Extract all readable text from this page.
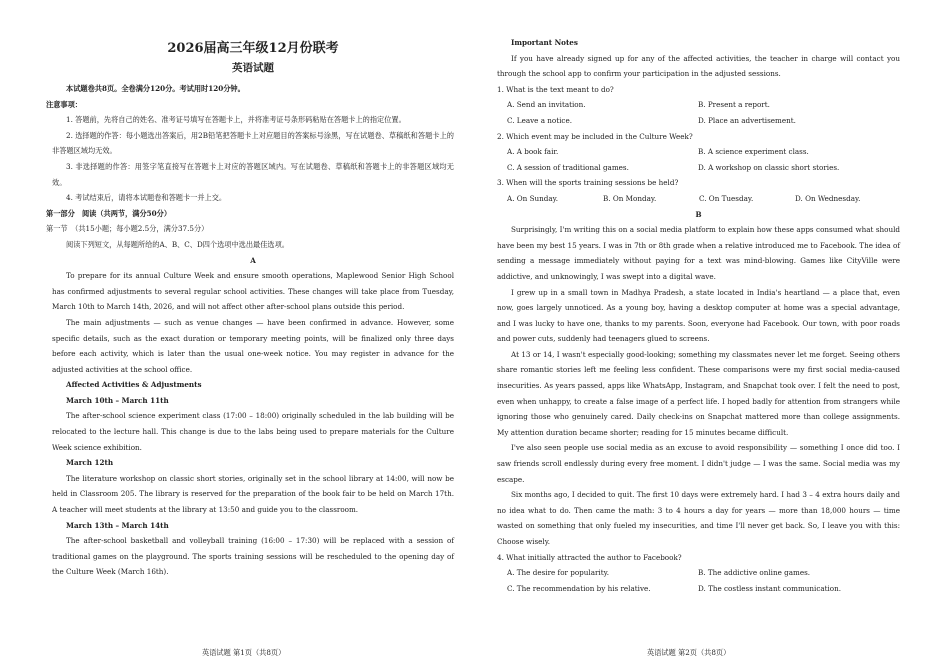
2026届高三年级12月份联考
英语试题

本试题卷共8页。全卷满分120分。考试用时120分钟。

注意事项：

1. 答题前，先将自己的姓名、准考证号填写在答题卡上，并将准考证号条形码粘贴在答题卡上的指定位置。

2. 选择题的作答：每小题选出答案后，用2B铅笔把答题卡上对应题目的答案标号涂黑，写在试题卷、草稿纸和答题卡上的非答题区域均无效。

3. 非选择题的作答：用签字笔直接写在答题卡上对应的答题区域内。写在试题卷、草稿纸和答题卡上的非答题区域均无效。

4. 考试结束后，请将本试题卷和答题卡一并上交。

第一部分　阅读（共两节，满分50分）

第一节　（共15小题；每小题2.5分，满分37.5分）

阅读下列短文，从每题所给的A、B、C、D四个选项中选出最佳选项。

A

To prepare for its annual Culture Week and ensure smooth operations, Maplewood Senior High School has confirmed adjustments to several regular school activities. These changes will take place from Tuesday, March 10th to March 14th, 2026, and will not affect other after-school plans outside this period.

The main adjustments — such as venue changes — have been confirmed in advance. However, some specific details, such as the exact duration or temporary meeting points, will be finalized only three days before each activity, which is later than the usual one-week notice. You may register in advance for the adjusted activities at the school office.

Affected Activities & Adjustments

March 10th – March 11th

The after-school science experiment class (17:00 – 18:00) originally scheduled in the lab building will be relocated to the lecture hall. This change is due to the labs being used to prepare materials for the Culture Week science exhibition.

March 12th

The literature workshop on classic short stories, originally set in the school library at 14:00, will now be held in Classroom 205. The library is reserved for the preparation of the book fair to be held on March 17th. A teacher will meet students at the library at 13:50 and guide you to the classroom.

March 13th – March 14th

The after-school basketball and volleyball training (16:00 – 17:30) will be replaced with a session of traditional games on the playground. The sports training sessions will be rescheduled to the opening day of the Culture Week (March 16th).

英语试题 第1页（共8页）

Important Notes

If you have already signed up for any of the affected activities, the teacher in charge will contact you through the school app to confirm your participation in the adjusted sessions.

1. What is the text meant to do?

A. Send an invitation.	B. Present a report.
C. Leave a notice.	D. Place an advertisement.

2. Which event may be included in the Culture Week?

A. A book fair.	B. A science experiment class.
C. A session of traditional games.	D. A workshop on classic short stories.

3. When will the sports training sessions be held?

A. On Sunday.	B. On Monday.	C. On Tuesday.	D. On Wednesday.

B

Surprisingly, I'm writing this on a social media platform to explain how these apps consumed what should have been my best 15 years. I was in 7th or 8th grade when a relative introduced me to Facebook. The idea of sending a message immediately without paying for a text was mind-blowing. Games like CityVille were addictive, and unknowingly, I was swept into a digital wave.

I grew up in a small town in Madhya Pradesh, a state located in India's heartland — a place that, even now, goes largely unnoticed. As a young boy, having a desktop computer at home was a special advantage, and I was lucky to have one, thanks to my parents. Soon, everyone had Facebook. Our town, with poor roads and power cuts, suddenly had teenagers glued to screens.

At 13 or 14, I wasn't especially good-looking; something my classmates never let me forget. Seeing others share romantic stories left me feeling less confident. These comparisons were my first social media-caused insecurities. As years passed, apps like WhatsApp, Instagram, and Snapchat took over. I felt the need to post, even when unhappy, to create a false image of a perfect life. I hoped badly for attention from strangers while ignoring those who genuinely cared. Daily check-ins on Snapchat mattered more than college assignments. My attention duration became shorter; reading for 15 minutes became difficult.

I've also seen people use social media as an excuse to avoid responsibility — something I once did too. I saw friends scroll endlessly during every free moment. I didn't judge — I was the same. Social media was my escape.

Six months ago, I decided to quit. The first 10 days were extremely hard. I had 3 – 4 extra hours daily and no idea what to do. Then came the math: 3 to 4 hours a day for years — more than 18,000 hours — time wasted on something that only fueled my insecurities, and time I'll never get back. So, I leave you with this: Choose wisely.

4. What initially attracted the author to Facebook?

A. The desire for popularity.	B. The addictive online games.
C. The recommendation by his relative.	D. The costless instant communication.
英语试题 第2页（共8页）
